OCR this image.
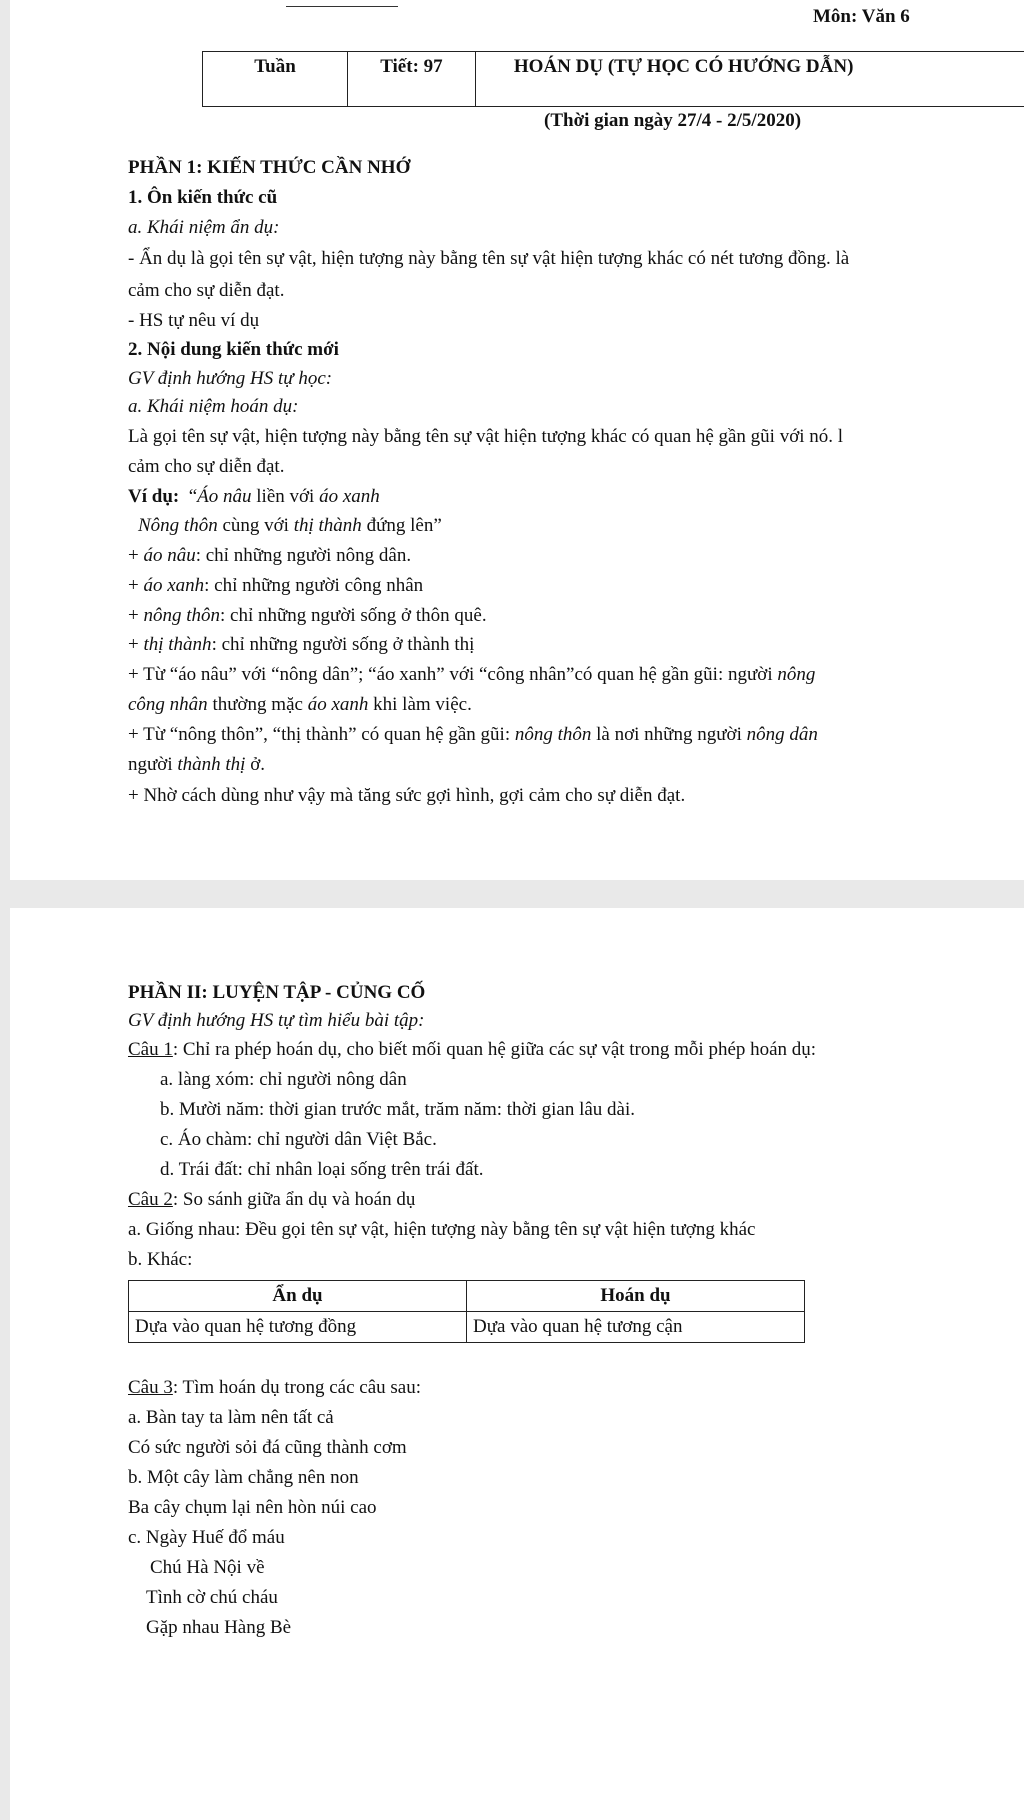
Môn: Văn 6
Tuần	Tiết: 97	HOÁN DỤ (TỰ HỌC CÓ HƯỚNG DẪN)
(Thời gian ngày 27/4 - 2/5/2020)
PHẦN 1: KIẾN THỨC CẦN NHỚ
1. Ôn kiến thức cũ
a. Khái niệm ẩn dụ:
- Ẩn dụ là gọi tên sự vật, hiện tượng này bằng tên sự vật hiện tượng khác có nét tương đồng. là
cảm cho sự diễn đạt.
- HS tự nêu ví dụ
2. Nội dung kiến thức mới
GV định hướng HS tự học:
a. Khái niệm hoán dụ:
Là gọi tên sự vật, hiện tượng này bằng tên sự vật hiện tượng khác có quan hệ gần gũi với nó. l
cảm cho sự diễn đạt.
Ví dụ:  “Áo nâu liền với áo xanh
Nông thôn cùng với thị thành đứng lên”
+ áo nâu: chỉ những người nông dân.
+ áo xanh: chỉ những người công nhân
+ nông thôn: chỉ những người sống ở thôn quê.
+ thị thành: chỉ những người sống ở thành thị
+ Từ “áo nâu” với “nông dân”; “áo xanh” với “công nhân”có quan hệ gần gũi: người nông
công nhân thường mặc áo xanh khi làm việc.
+ Từ “nông thôn”, “thị thành” có quan hệ gần gũi: nông thôn là nơi những người nông dân
người thành thị ở.
+ Nhờ cách dùng như vậy mà tăng sức gợi hình, gợi cảm cho sự diễn đạt.
PHẦN II: LUYỆN TẬP - CỦNG CỐ
GV định hướng HS tự tìm hiểu bài tập:
Câu 1: Chỉ ra phép hoán dụ, cho biết mối quan hệ giữa các sự vật trong mỗi phép hoán dụ:
a. làng xóm: chỉ người nông dân
b. Mười năm: thời gian trước mắt, trăm năm: thời gian lâu dài.
c. Áo chàm: chỉ người dân Việt Bắc.
d. Trái đất: chỉ nhân loại sống trên trái đất.
Câu 2: So sánh giữa ẩn dụ và hoán dụ
a. Giống nhau: Đều gọi tên sự vật, hiện tượng này bằng tên sự vật hiện tượng khác
b. Khác:
Ẩn dụ	Hoán dụ
Dựa vào quan hệ tương đồng	Dựa vào quan hệ tương cận
Câu 3: Tìm hoán dụ trong các câu sau:
a. Bàn tay ta làm nên tất cả
Có sức người sỏi đá cũng thành cơm
b. Một cây làm chẳng nên non
Ba cây chụm lại nên hòn núi cao
c. Ngày Huế đổ máu
Chú Hà Nội về
Tình cờ chú cháu
Gặp nhau Hàng Bè
